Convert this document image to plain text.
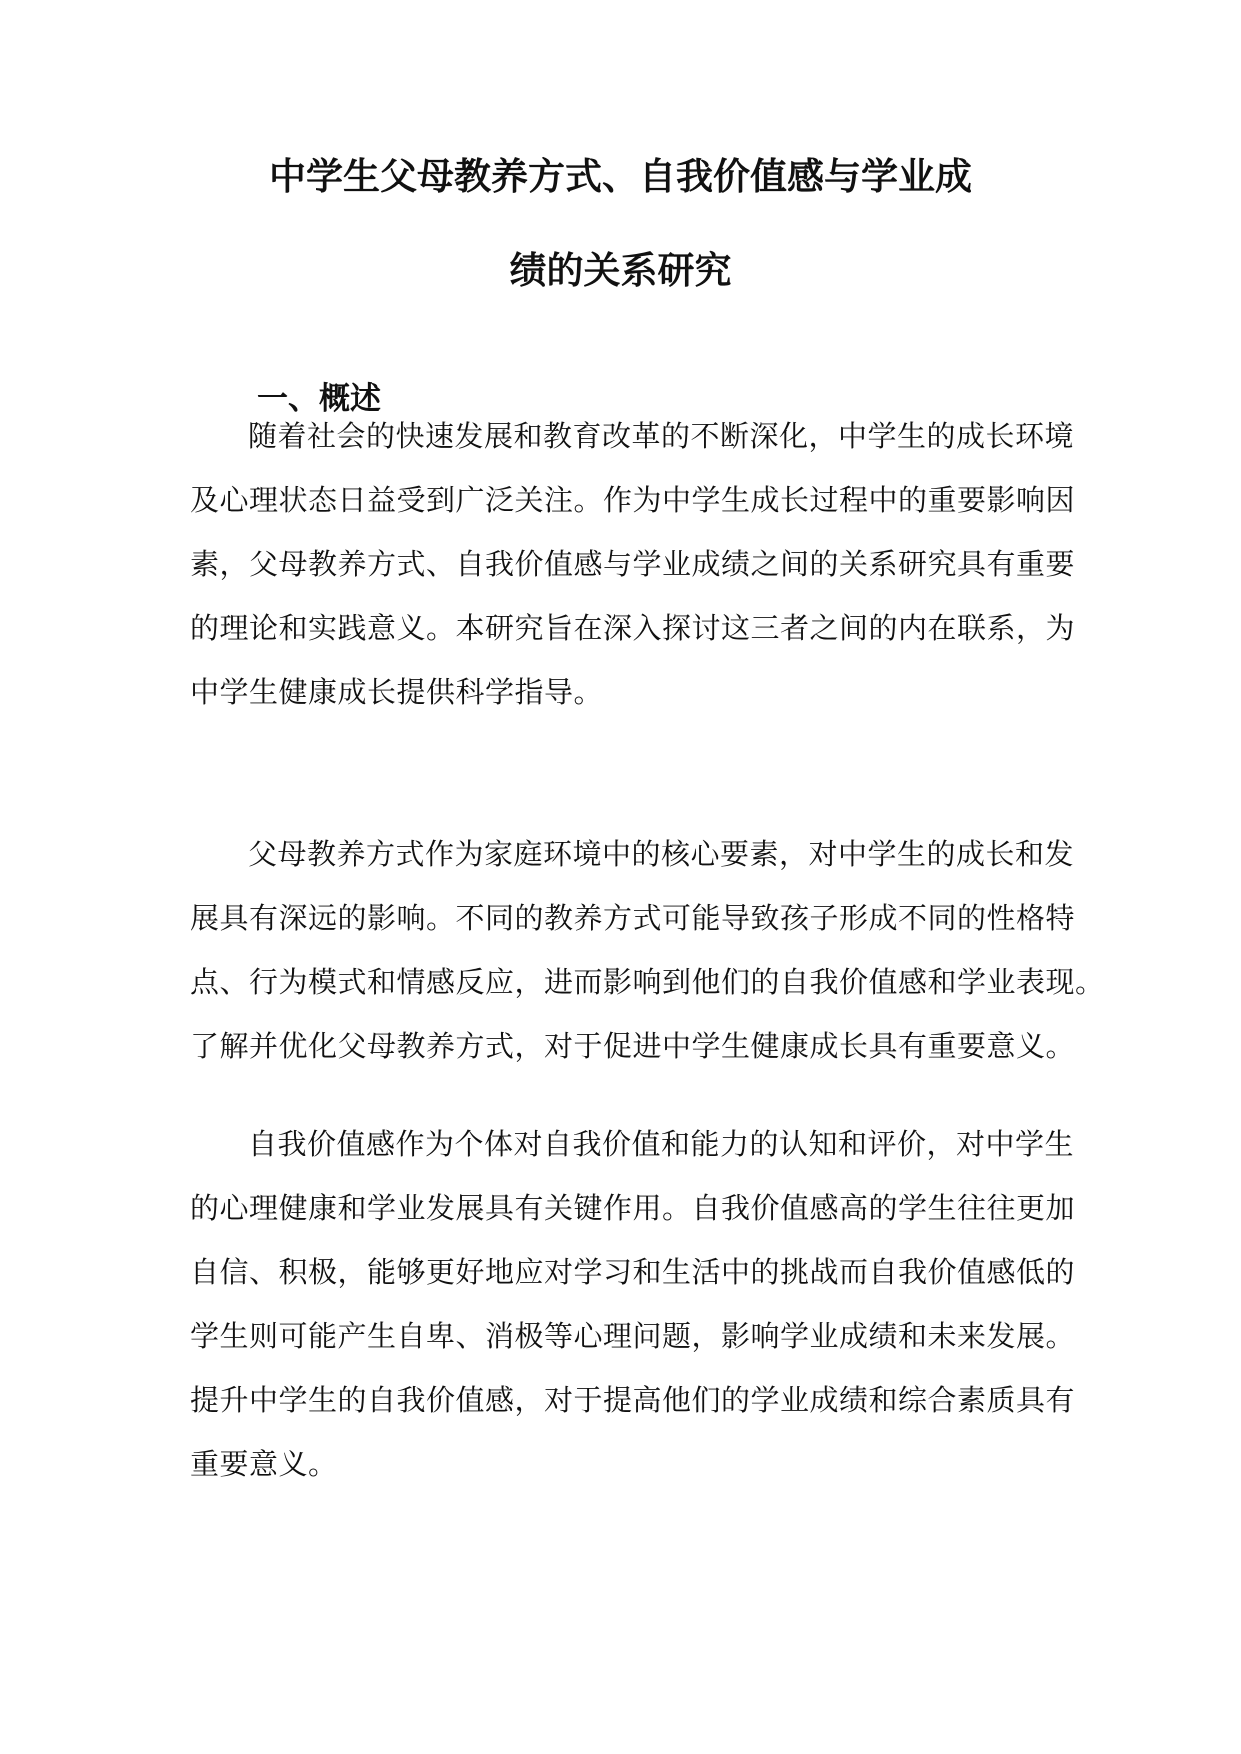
中学生父母教养方式、自我价值感与学业成
绩的关系研究
一、概述
随着社会的快速发展和教育改革的不断深化，中学生的成长环境
及心理状态日益受到广泛关注。作为中学生成长过程中的重要影响因
素，父母教养方式、自我价值感与学业成绩之间的关系研究具有重要
的理论和实践意义。本研究旨在深入探讨这三者之间的内在联系，为
中学生健康成长提供科学指导。
父母教养方式作为家庭环境中的核心要素，对中学生的成长和发
展具有深远的影响。不同的教养方式可能导致孩子形成不同的性格特
点、行为模式和情感反应，进而影响到他们的自我价值感和学业表现。
了解并优化父母教养方式，对于促进中学生健康成长具有重要意义。
自我价值感作为个体对自我价值和能力的认知和评价，对中学生
的心理健康和学业发展具有关键作用。自我价值感高的学生往往更加
自信、积极，能够更好地应对学习和生活中的挑战而自我价值感低的
学生则可能产生自卑、消极等心理问题，影响学业成绩和未来发展。
提升中学生的自我价值感，对于提高他们的学业成绩和综合素质具有
重要意义。
